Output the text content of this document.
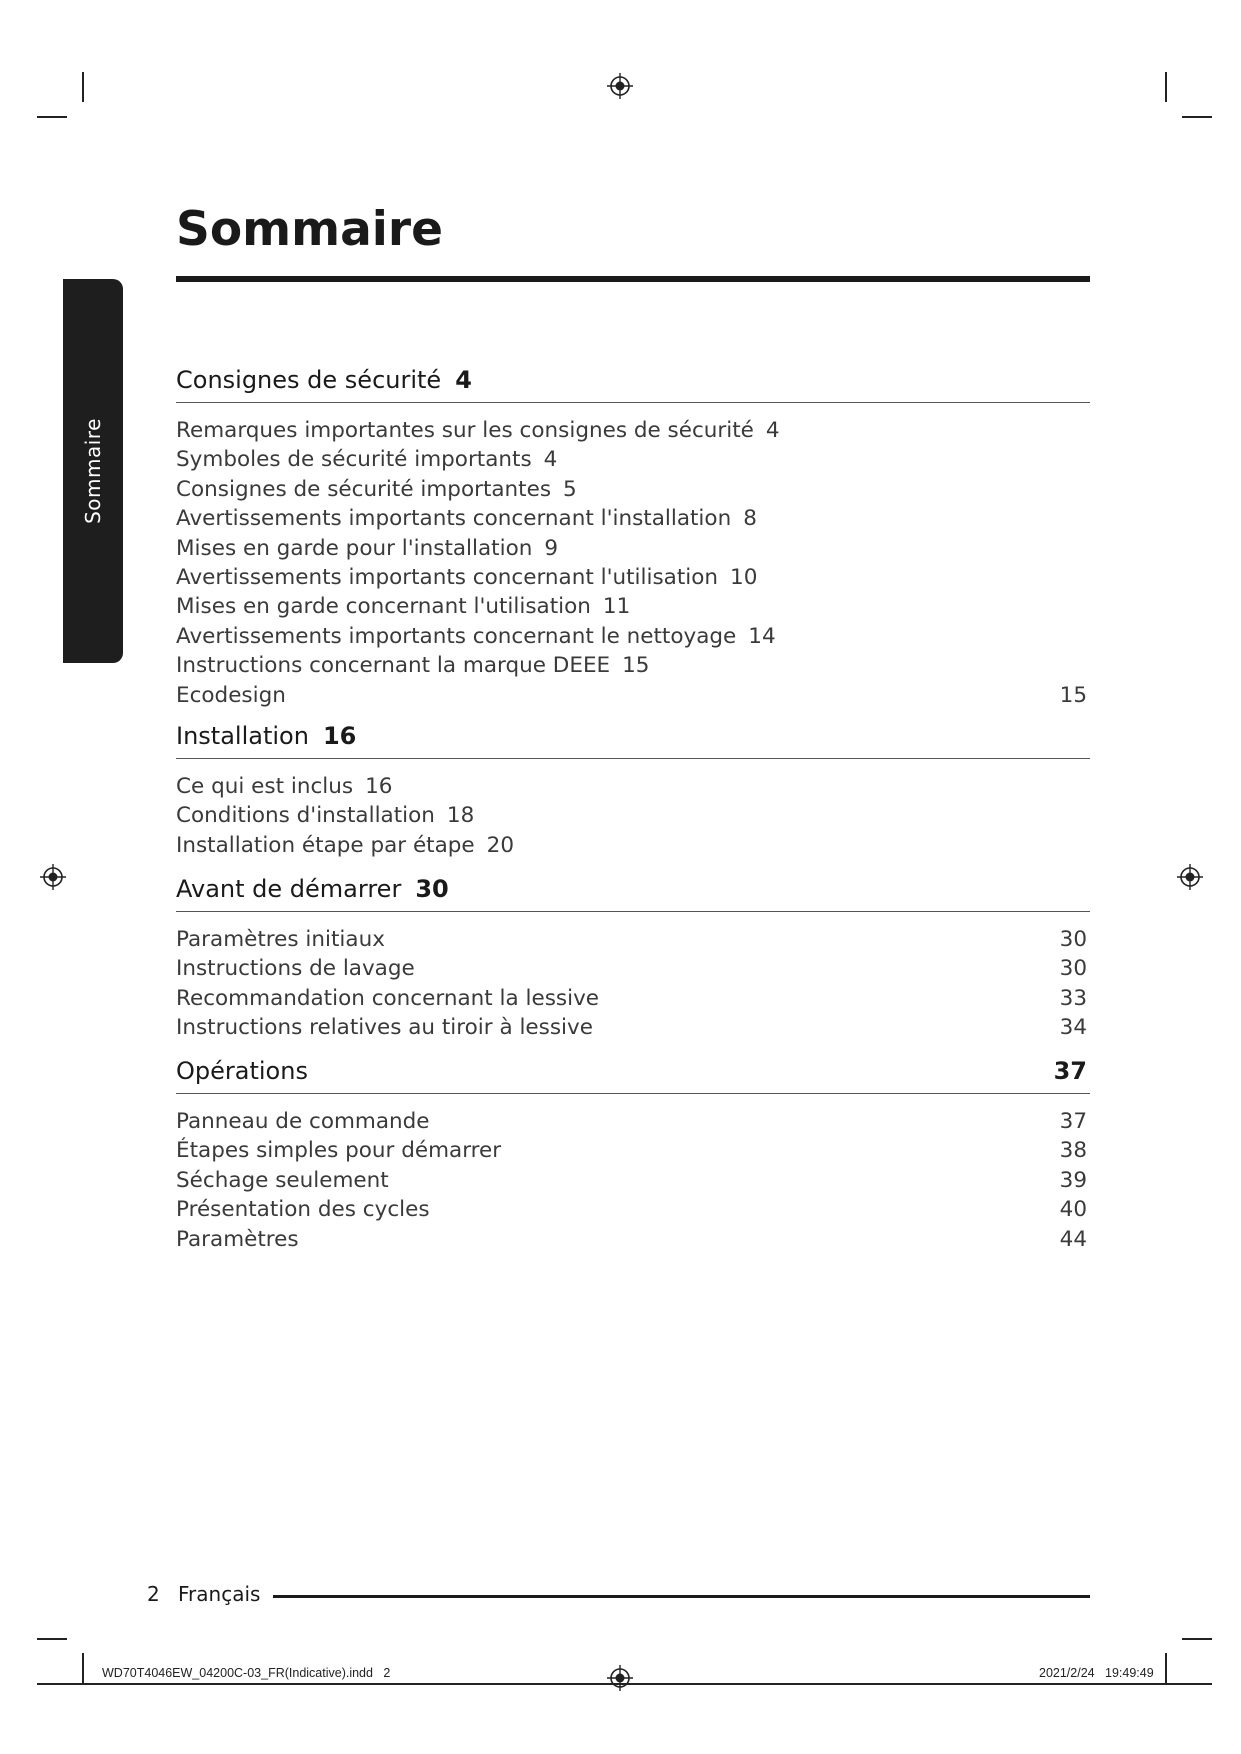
Sommaire
Sommaire
Consignes de sécurité 4
Remarques importantes sur les consignes de sécurité 4
Symboles de sécurité importants 4
Consignes de sécurité importantes 5
Avertissements importants concernant l'installation 8
Mises en garde pour l'installation 9
Avertissements importants concernant l'utilisation 10
Mises en garde concernant l'utilisation 11
Avertissements importants concernant le nettoyage 14
Instructions concernant la marque DEEE 15
Ecodesign	15
Installation 16
Ce qui est inclus 16
Conditions d'installation 18
Installation étape par étape 20
Avant de démarrer 30
Paramètres initiaux	30
Instructions de lavage	30
Recommandation concernant la lessive	33
Instructions relatives au tiroir à lessive	34
Opérations	37
Panneau de commande	37
Étapes simples pour démarrer	38
Séchage seulement	39
Présentation des cycles	40
Paramètres	44
2 Français
WD70T4046EW_04200C-03_FR(Indicative).indd   2	2021/2/24   19:49:49
